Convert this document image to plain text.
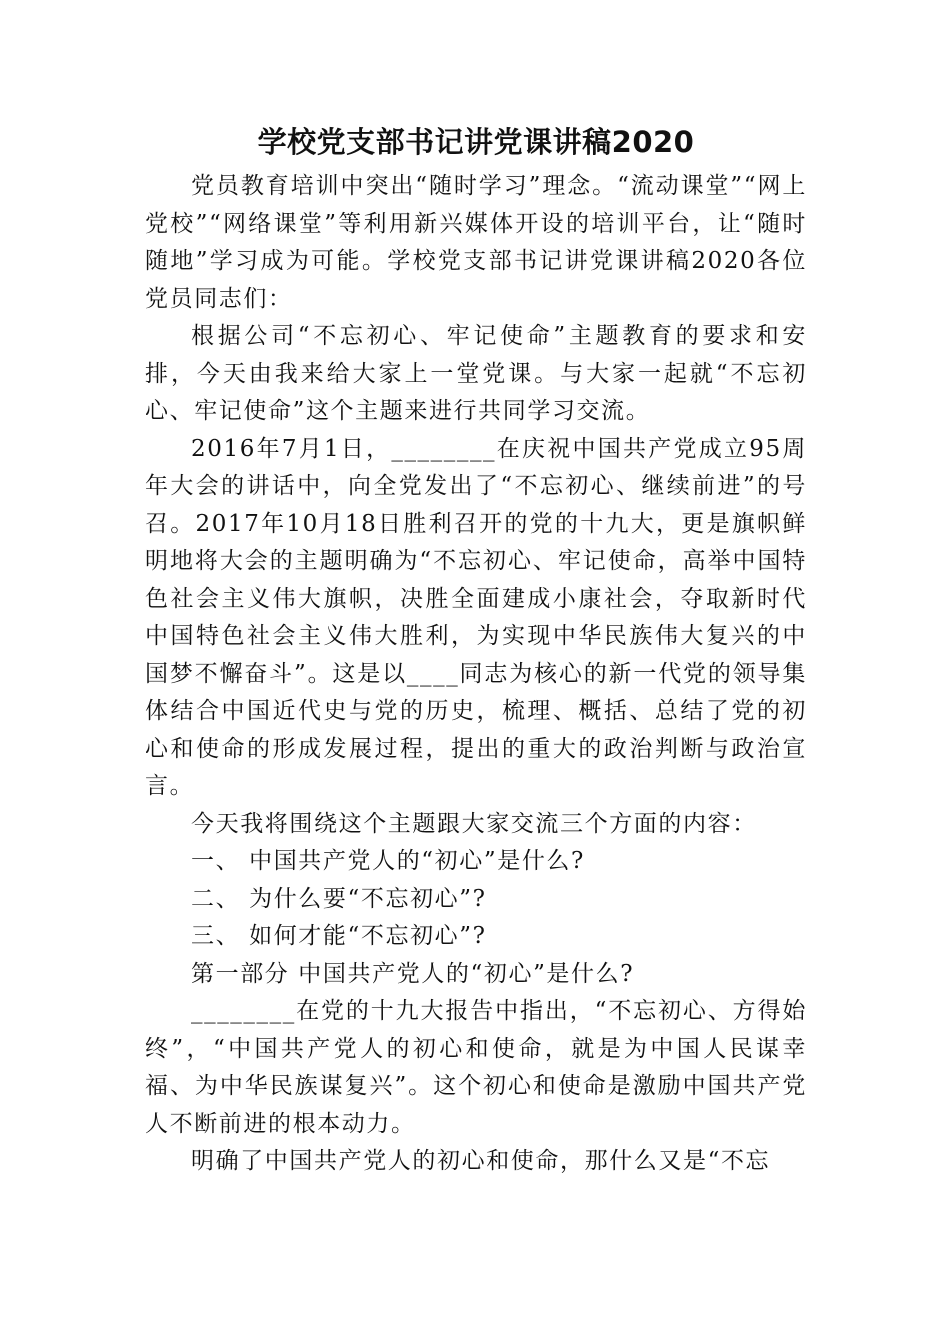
学校党支部书记讲党课讲稿2020

党员教育培训中突出“随时学习”理念。“流动课堂”“网上党校”“网络课堂”等利用新兴媒体开设的培训平台，让“随时随地”学习成为可能。学校党支部书记讲党课讲稿2020各位党员同志们：

根据公司“不忘初心、牢记使命”主题教育的要求和安排，今天由我来给大家上一堂党课。与大家一起就“不忘初心、牢记使命”这个主题来进行共同学习交流。

2016年7月1日，________在庆祝中国共产党成立95周年大会的讲话中，向全党发出了“不忘初心、继续前进”的号召。2017年10月18日胜利召开的党的十九大，更是旗帜鲜明地将大会的主题明确为“不忘初心、牢记使命，高举中国特色社会主义伟大旗帜，决胜全面建成小康社会，夺取新时代中国特色社会主义伟大胜利，为实现中华民族伟大复兴的中国梦不懈奋斗”。这是以____同志为核心的新一代党的领导集体结合中国近代史与党的历史，梳理、概括、总结了党的初心和使命的形成发展过程，提出的重大的政治判断与政治宣言。

今天我将围绕这个主题跟大家交流三个方面的内容：

一、 中国共产党人的“初心”是什么?

二、 为什么要“不忘初心”?

三、 如何才能“不忘初心”?

第一部分 中国共产党人的“初心”是什么?

________在党的十九大报告中指出，“不忘初心、方得始终”，“中国共产党人的初心和使命，就是为中国人民谋幸福、为中华民族谋复兴”。这个初心和使命是激励中国共产党人不断前进的根本动力。

明确了中国共产党人的初心和使命，那什么又是“不忘
